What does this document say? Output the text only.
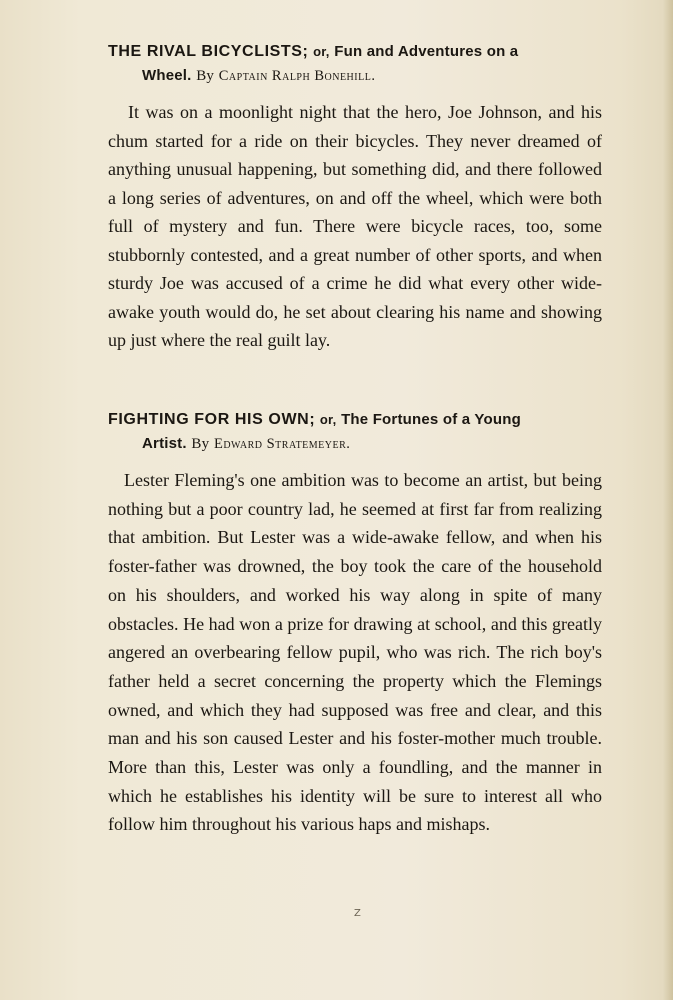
THE RIVAL BICYCLISTS; or, Fun and Adventures on a
Wheel. By Captain Ralph Bonehill.

It was on a moonlight night that the hero, Joe Johnson, and his chum started for a ride on their bicycles. They never dreamed of anything unusual happening, but something did, and there followed a long series of adventures, on and off the wheel, which were both full of mystery and fun. There were bicycle races, too, some stubbornly contested, and a great number of other sports, and when sturdy Joe was accused of a crime he did what every other wide-awake youth would do, he set about clearing his name and showing up just where the real guilt lay.

FIGHTING FOR HIS OWN; or, The Fortunes of a Young
Artist. By Edward Stratemeyer.

Lester Fleming's one ambition was to become an artist, but being nothing but a poor country lad, he seemed at first far from realizing that ambition. But Lester was a wide-awake fellow, and when his foster-father was drowned, the boy took the care of the household on his shoulders, and worked his way along in spite of many obstacles. He had won a prize for drawing at school, and this greatly angered an overbearing fellow pupil, who was rich. The rich boy's father held a secret concerning the property which the Flemings owned, and which they had supposed was free and clear, and this man and his son caused Lester and his foster-mother much trouble. More than this, Lester was only a foundling, and the manner in which he establishes his identity will be sure to interest all who follow him throughout his various haps and mishaps.

Z
